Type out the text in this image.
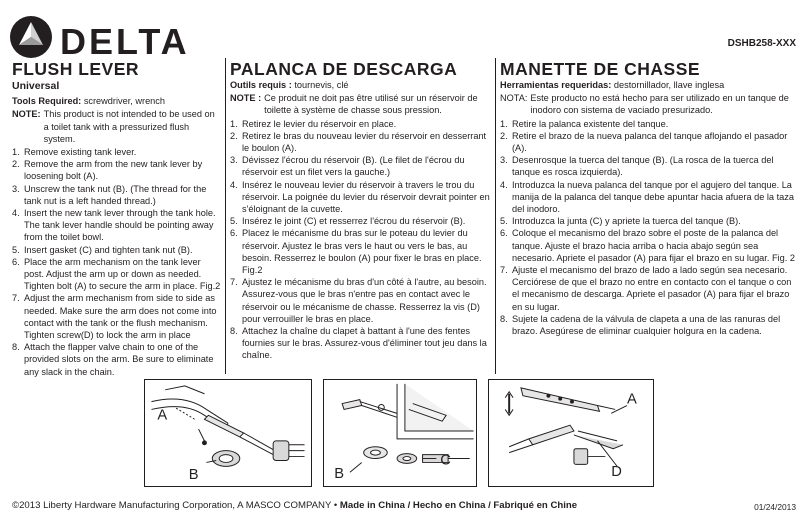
DELTA	DSHB258-XXX
FLUSH LEVER
Universal
Tools Required: screwdriver, wrench
NOTE: This product is not intended to be used on a toilet tank with a pressurized flush system.
1. Remove existing tank lever.
2. Remove the arm from the new tank lever by loosening bolt (A).
3. Unscrew the tank nut (B). (The thread for the tank nut is a left handed thread.)
4. Insert the new tank lever through the tank hole. The tank lever handle should be pointing away from the toilet bowl.
5. Insert gasket (C) and tighten tank nut (B).
6. Place the arm mechanism on the tank lever post. Adjust the arm up or down as needed. Tighten bolt (A) to secure the arm in place. Fig.2
7. Adjust the arm mechanism from side to side as needed. Make sure the arm does not come into contact with the tank or the flush mechanism. Tighten screw(D) to lock the arm in place
8. Attach the flapper valve chain to one of the provided slots on the arm. Be sure to eliminate any slack in the chain.
PALANCA DE DESCARGA
Outils requis : tournevis, clé
NOTE : Ce produit ne doit pas être utilisé sur un réservoir de toilette à système de chasse sous pression.
1. Retirez le levier du réservoir en place.
2. Retirez le bras du nouveau levier du réservoir en desserrant le boulon (A).
3. Dévissez l'écrou du réservoir (B). (Le filet de l'écrou du réservoir est un filet vers la gauche.)
4. Insérez le nouveau levier du réservoir à travers le trou du réservoir. La poignée du levier du réservoir devrait pointer en s'éloignant de la cuvette.
5. Insérez le joint (C) et resserrez l'écrou du réservoir (B).
6. Placez le mécanisme du bras sur le poteau du levier du réservoir. Ajustez le bras vers le haut ou vers le bas, au besoin. Resserrez le boulon (A) pour fixer le bras en place. Fig.2
7. Ajustez le mécanisme du bras d'un côté à l'autre, au besoin. Assurez-vous que le bras n'entre pas en contact avec le réservoir ou le mécanisme de chasse. Resserrez la vis (D) pour verrouiller le bras en place.
8. Attachez la chaîne du clapet à battant à l'une des fentes fournies sur le bras. Assurez-vous d'éliminer tout jeu dans la chaîne.
MANETTE DE CHASSE
Herramientas requeridas: destornillador, llave inglesa
NOTA: Este producto no está hecho para ser utilizado en un tanque de inodoro con sistema de vaciado presurizado.
1. Retire la palanca existente del tanque.
2. Retire el brazo de la nueva palanca del tanque aflojando el pasador (A).
3. Desenrosque la tuerca del tanque (B). (La rosca de la tuerca del tanque es rosca izquierda).
4. Introduzca la nueva palanca del tanque por el agujero del tanque. La manija de la palanca del tanque debe apuntar hacia afuera de la taza del inodoro.
5. Introduzca la junta (C) y apriete la tuerca del tanque (B).
6. Coloque el mecanismo del brazo sobre el poste de la palanca del tanque. Ajuste el brazo hacia arriba o hacia abajo según sea necesario. Apriete el pasador (A) para fijar el brazo en su lugar. Fig. 2
7. Ajuste el mecanismo del brazo de lado a lado según sea necesario. Cerciórese de que el brazo no entre en contacto con el tanque o con el mecanismo de descarga. Apriete el pasador (A) para fijar el brazo en su lugar.
8. Sujete la cadena de la válvula de clapeta a una de las ranuras del brazo. Asegúrese de eliminar cualquier holgura en la cadena.
A
B	B
C
A
D
©2013 Liberty Hardware Manufacturing Corporation, A MASCO COMPANY • Made in China / Hecho en China / Fabriqué en Chine	01/24/2013
